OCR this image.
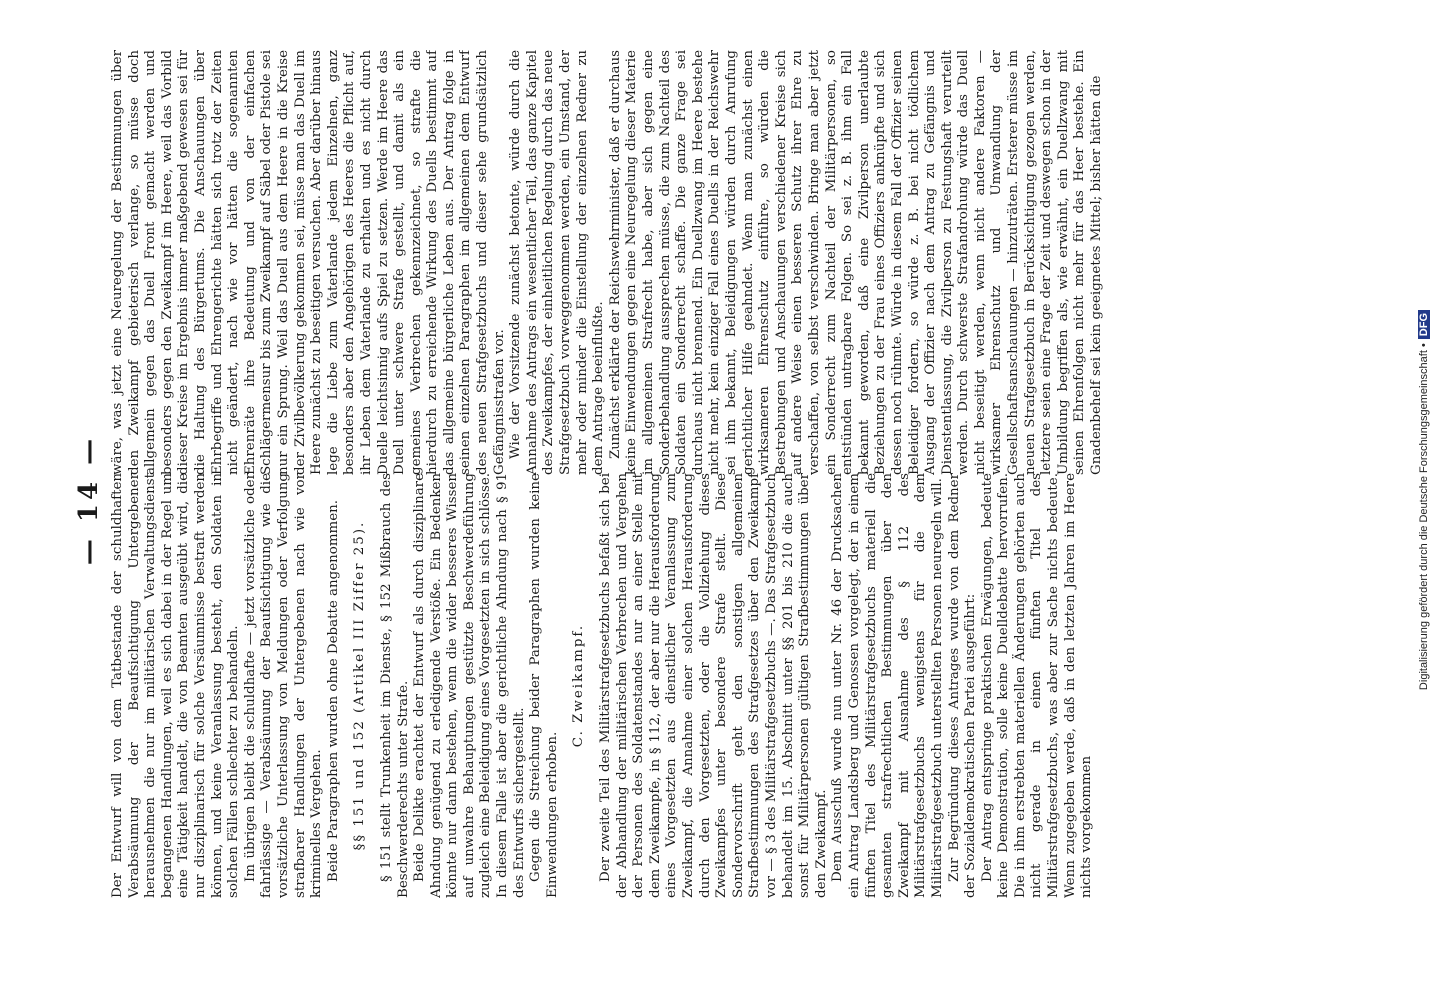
— 14 — Der Entwurf will von dem Tatbestande der schuldhaften Verabsäumung der Beaufsichtigung Untergebener herausnehmen die nur im militärischen Verwaltungsdienst begangenen Handlungen, weil es sich dabei in der Regel um eine Tätigkeit handelt, die von Beamten ausgeübt wird, die nur disziplinarisch für solche Versäumnisse bestraft werden können, und keine Veranlassung besteht, den Soldaten in solchen Fällen schlechter zu behandeln. Im übrigen bleibt die schuldhafte — jetzt vorsätzliche oder fahrlässige — Verabsäumung der Beaufsichtigung wie die vorsätzliche Unterlassung von Meldungen oder Verfolgung strafbarer Handlungen der Untergebenen nach wie vor kriminelles Vergehen. Beide Paragraphen wurden ohne Debatte angenommen. §§ 151 und 152 (Artikel III Ziffer 25). § 151 stellt Trunkenheit im Dienste, § 152 Mißbrauch des Beschwerderechts unter Strafe. Beide Delikte erachtet der Entwurf als durch disziplinare Ahndung genügend zu erledigende Verstöße. Ein Bedenken könnte nur dann bestehen, wenn die wider besseres Wissen auf unwahre Behauptungen gestützte Beschwerdeführung zugleich eine Beleidigung eines Vorgesetzten in sich schlösse. In diesem Falle ist aber die gerichtliche Ahndung nach § 91 des Entwurfs sichergestellt. Gegen die Streichung beider Paragraphen wurden keine Einwendungen erhoben.

C. Zweikampf. Der zweite Teil des Militärstrafgesetzbuchs befaßt sich bei der Abhandlung der militärischen Verbrechen und Vergehen der Personen des Soldatenstandes nur an einer Stelle mit dem Zweikampfe, in § 112, der aber nur die Herausforderung eines Vorgesetzten aus dienstlicher Veranlassung zum Zweikampf, die Annahme einer solchen Herausforderung durch den Vorgesetzten, oder die Vollziehung dieses Zweikampfes unter besondere Strafe stellt. Diese Sondervorschrift geht den sonstigen allgemeinen Strafbestimmungen des Strafgesetzes über den Zweikampf vor — § 3 des Militärstrafgesetzbuchs —. Das Strafgesetzbuch behandelt im 15. Abschnitt unter §§ 201 bis 210 die auch sonst für Militärpersonen gültigen Strafbestimmungen über den Zweikampf. Dem Ausschuß wurde nun unter Nr. 46 der Drucksachen ein Antrag Landsberg und Genossen vorgelegt, der in einem fünften Titel des Militärstrafgesetzbuchs materiell die gesamten strafrechtlichen Bestimmungen über den Zweikampf mit Ausnahme des § 112 des Militärstrafgesetzbuchs wenigstens für die dem Militärstrafgesetzbuch unterstellten Personen neuregeln will. Zur Begründung dieses Antrages wurde von dem Redner der Sozialdemokratischen Partei ausgeführt: Der Antrag entspringe praktischen Erwägungen, bedeute keine Demonstration, solle keine Duelldebatte hervorrufen. Die in ihm erstrebten materiellen Änderungen gehörten auch nicht gerade in einen fünften Titel des Militärstrafgesetzbuchs, was aber zur Sache nichts bedeute. Wenn zugegeben werde, daß in den letzten Jahren im Heere nichts vorgekommen

wäre, was jetzt eine Neuregelung der Bestimmungen über den Zweikampf gebieterisch verlange, so müsse doch allgemein gegen das Duell Front gemacht werden und besonders gegen den Zweikampf im Heere, weil das Vorbild dieser Kreise im Ergebnis immer maßgebend gewesen sei für die Haltung des Bürgertums. Die Anschauungen über Ehrbegriffe und Ehrengerichte hätten sich trotz der Zeiten nicht geändert, nach wie vor hätten die sogenannten Ehrenräte ihre Bedeutung und von der einfachen Schlägermensur bis zum Zweikampf auf Säbel oder Pistole sei nur ein Sprung. Weil das Duell aus dem Heere in die Kreise der Zivilbevölkerung gekommen sei, müsse man das Duell im Heere zunächst zu beseitigen versuchen. Aber darüber hinaus lege die Liebe zum Vaterlande jedem Einzelnen, ganz besonders aber den Angehörigen des Heeres die Pflicht auf, ihr Leben dem Vaterlande zu erhalten und es nicht durch Duelle leichtsinnig aufs Spiel zu setzen. Werde im Heere das Duell unter schwere Strafe gestellt, und damit als ein gemeines Verbrechen gekennzeichnet, so strafte die hierdurch zu erreichende Wirkung des Duells bestimmt auf das allgemeine bürgerliche Leben aus. Der Antrag folge in seinen einzelnen Paragraphen im allgemeinen dem Entwurf des neuen Strafgesetzbuchs und dieser sehe grundsätzlich Gefängnisstrafen vor. Wie der Vorsitzende zunächst betonte, würde durch die Annahme des Antrags ein wesentlicher Teil, das ganze Kapitel des Zweikampfes, der einheitlichen Regelung durch das neue Strafgesetzbuch vorweggenommen werden, ein Umstand, der mehr oder minder die Einstellung der einzelnen Redner zu dem Antrage beeinflußte. Zunächst erklärte der Reichswehrminister, daß er durchaus keine Einwendungen gegen eine Neuregelung dieser Materie im allgemeinen Strafrecht habe, aber sich gegen eine Sonderbehandlung aussprechen müsse, die zum Nachteil des Soldaten ein Sonderrecht schaffe. Die ganze Frage sei durchaus nicht brennend. Ein Duellzwang im Heere bestehe nicht mehr, kein einziger Fall eines Duells in der Reichswehr sei ihm bekannt, Beleidigungen würden durch Anrufung gerichtlicher Hilfe geahndet. Wenn man zunächst einen wirksameren Ehrenschutz einführe, so würden die Bestrebungen und Anschauungen verschiedener Kreise sich auf andere Weise einen besseren Schutz ihrer Ehre zu verschaffen, von selbst verschwinden. Bringe man aber jetzt ein Sonderrecht zum Nachteil der Militärpersonen, so entstünden untragbare Folgen. So sei z. B. ihm ein Fall bekannt geworden, daß eine Zivilperson unerlaubte Beziehungen zu der Frau eines Offiziers anknüpfte und sich dessen noch rühmte. Würde in diesem Fall der Offizier seinen Beleidiger fordern, so würde z. B. bei nicht tödlichem Ausgang der Offizier nach dem Antrag zu Gefängnis und Dienstentlassung, die Zivilperson zu Festungshaft verurteilt werden. Durch schwerste Strafandrohung würde das Duell nicht beseitigt werden, wenn nicht andere Faktoren — wirksamer Ehrenschutz und Umwandlung der Gesellschaftsanschauungen — hinzuträten. Ersterer müsse im neuen Strafgesetzbuch in Berücksichtigung gezogen werden, letztere seien eine Frage der Zeit und deswegen schon in der Umbildung begriffen als, wie erwähnt, ein Duellzwang mit seinen Ehrenfolgen nicht mehr für das Heer bestehe. Ein Gnadenbehelf sei kein geeignetes Mittel; bisher hätten die

Digitalisierung gefördert durch die Deutsche Forschungsgemeinschaft •DFG
